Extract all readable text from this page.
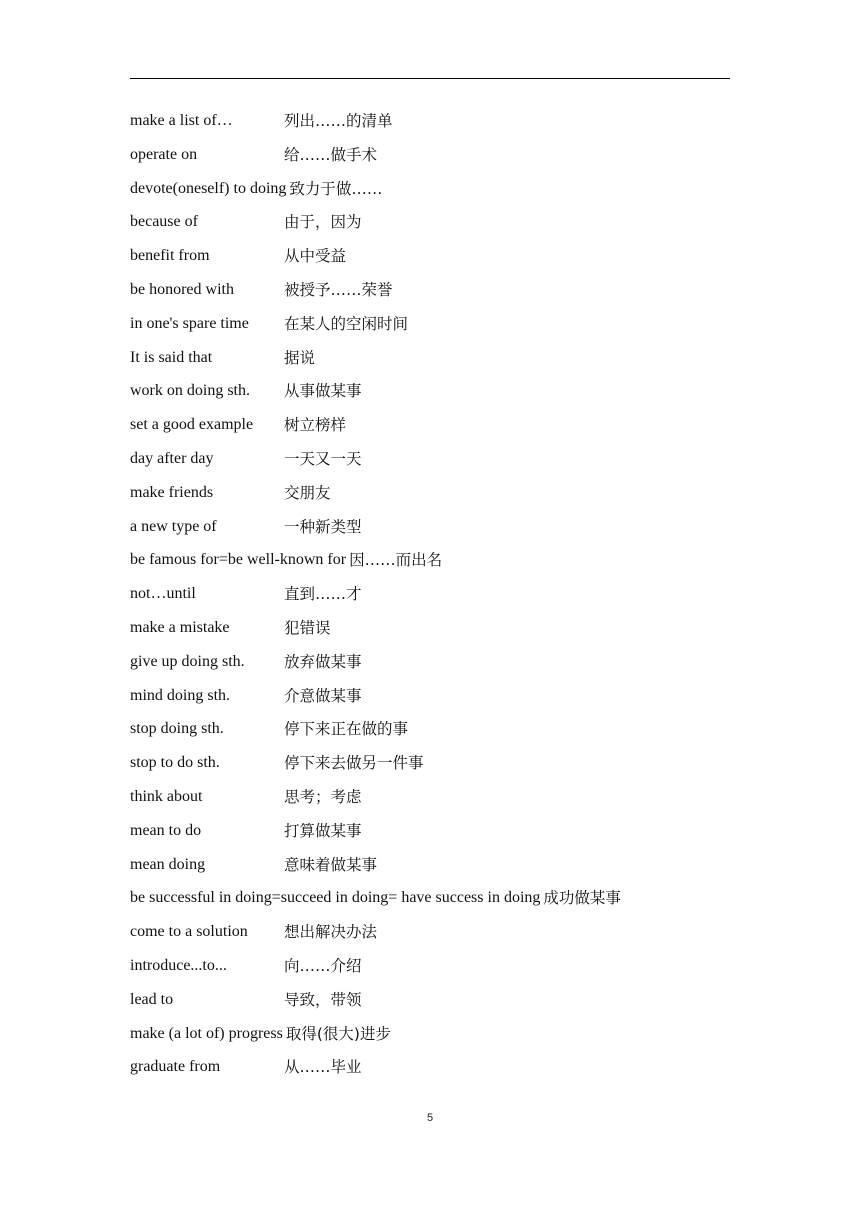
make a list of…	列出……的清单
operate on	给……做手术
devote(oneself) to doing 致力于做……
because of	由于，因为
benefit from	从中受益
be honored with	被授予……荣誉
in one's spare time 在某人的空闲时间
It is said that	据说
work on doing sth. 从事做某事
set a good example 树立榜样
day after day	一天又一天
make friends	交朋友
a new type of	一种新类型
be famous for=be well-known for 因……而出名
not…until	直到……才
make a mistake	犯错误
give up doing sth.	放弃做某事
mind doing sth.	介意做某事
stop doing sth.	停下来正在做的事
stop to do sth.	停下来去做另一件事
think about	思考；考虑
mean to do	打算做某事
mean doing	意味着做某事
be successful in doing=succeed in doing= have success in doing 成功做某事
come to a solution 想出解决办法
introduce...to...	向……介绍
lead to	导致，带领
make (a lot of) progress 取得(很大)进步
graduate from	从……毕业
5
